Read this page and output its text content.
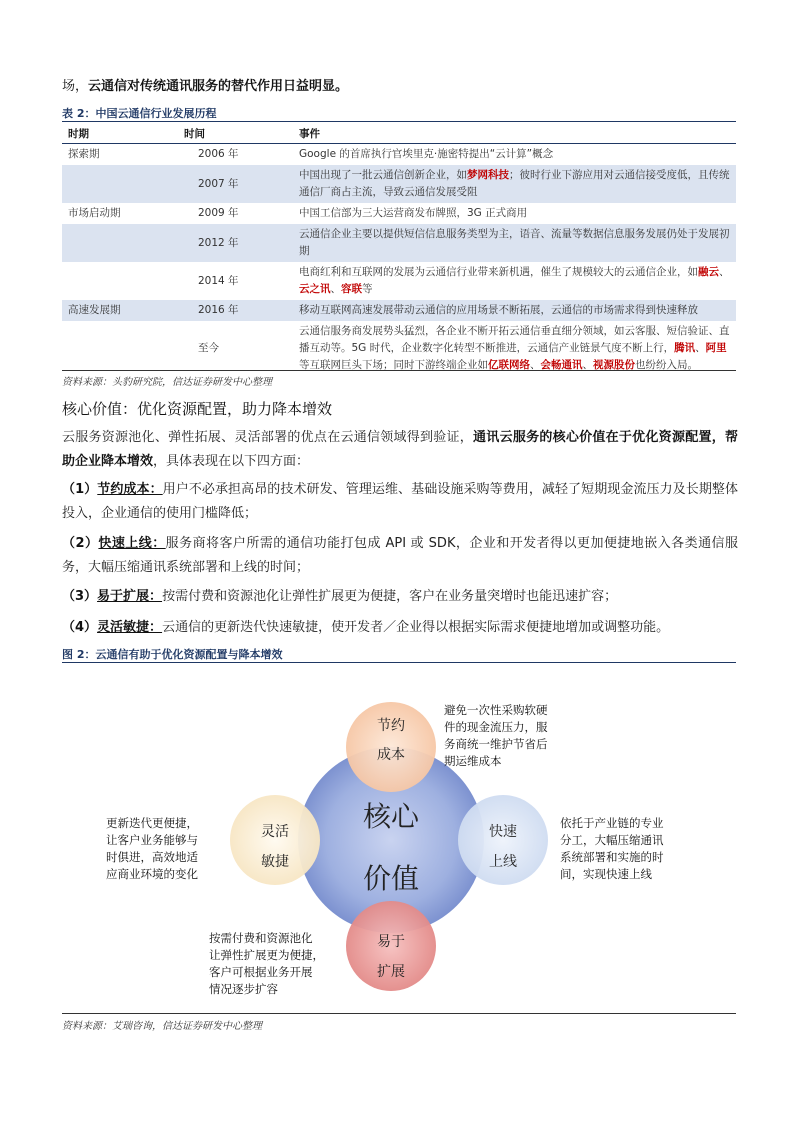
场，云通信对传统通讯服务的替代作用日益明显。
表 2：中国云通信行业发展历程
时期	时间	事件
探索期	2006 年	Google 的首席执行官埃里克·施密特提出“云计算”概念
	2007 年	中国出现了一批云通信创新企业，如梦网科技；彼时行业下游应用对云通信接受度低，且传统通信厂商占主流，导致云通信发展受阻
市场启动期	2009 年	中国工信部为三大运营商发布牌照，3G 正式商用
	2012 年	云通信企业主要以提供短信信息服务类型为主，语音、流量等数据信息服务发展仍处于发展初期
	2014 年	电商红利和互联网的发展为云通信行业带来新机遇，催生了规模较大的云通信企业，如融云、云之讯、容联等
高速发展期	2016 年	移动互联网高速发展带动云通信的应用场景不断拓展，云通信的市场需求得到快速释放
	至今	云通信服务商发展势头猛烈，各企业不断开拓云通信垂直细分领域，如云客服、短信验证、直播互动等。5G 时代，企业数字化转型不断推进，云通信产业链景气度不断上行，腾讯、阿里等互联网巨头下场；同时下游终端企业如亿联网络、会畅通讯、视源股份也纷纷入局。
资料来源：头豹研究院，信达证券研发中心整理
核心价值：优化资源配置，助力降本增效
云服务资源池化、弹性拓展、灵活部署的优点在云通信领域得到验证，通讯云服务的核心价值在于优化资源配置，帮助企业降本增效，具体表现在以下四方面：
（1）节约成本：用户不必承担高昂的技术研发、管理运维、基础设施采购等费用，减轻了短期现金流压力及长期整体投入，企业通信的使用门槛降低；
（2）快速上线：服务商将客户所需的通信功能打包成 API 或 SDK，企业和开发者得以更加便捷地嵌入各类通信服务，大幅压缩通讯系统部署和上线的时间；
（3）易于扩展：按需付费和资源池化让弹性扩展更为便捷，客户在业务量突增时也能迅速扩容；
（4）灵活敏捷：云通信的更新迭代快速敏捷，使开发者／企业得以根据实际需求便捷地增加或调整功能。
图 2：云通信有助于优化资源配置与降本增效
核心
价值
节约
成本
快速
上线
灵活
敏捷
易于
扩展
避免一次性采购软硬
件的现金流压力，服
务商统一维护节省后
期运维成本
依托于产业链的专业
分工，大幅压缩通讯
系统部署和实施的时
间，实现快速上线
更新迭代更便捷，
让客户业务能够与
时俱进，高效地适
应商业环境的变化
按需付费和资源池化
让弹性扩展更为便捷，
客户可根据业务开展
情况逐步扩容
资料来源：艾瑞咨询，信达证券研发中心整理
